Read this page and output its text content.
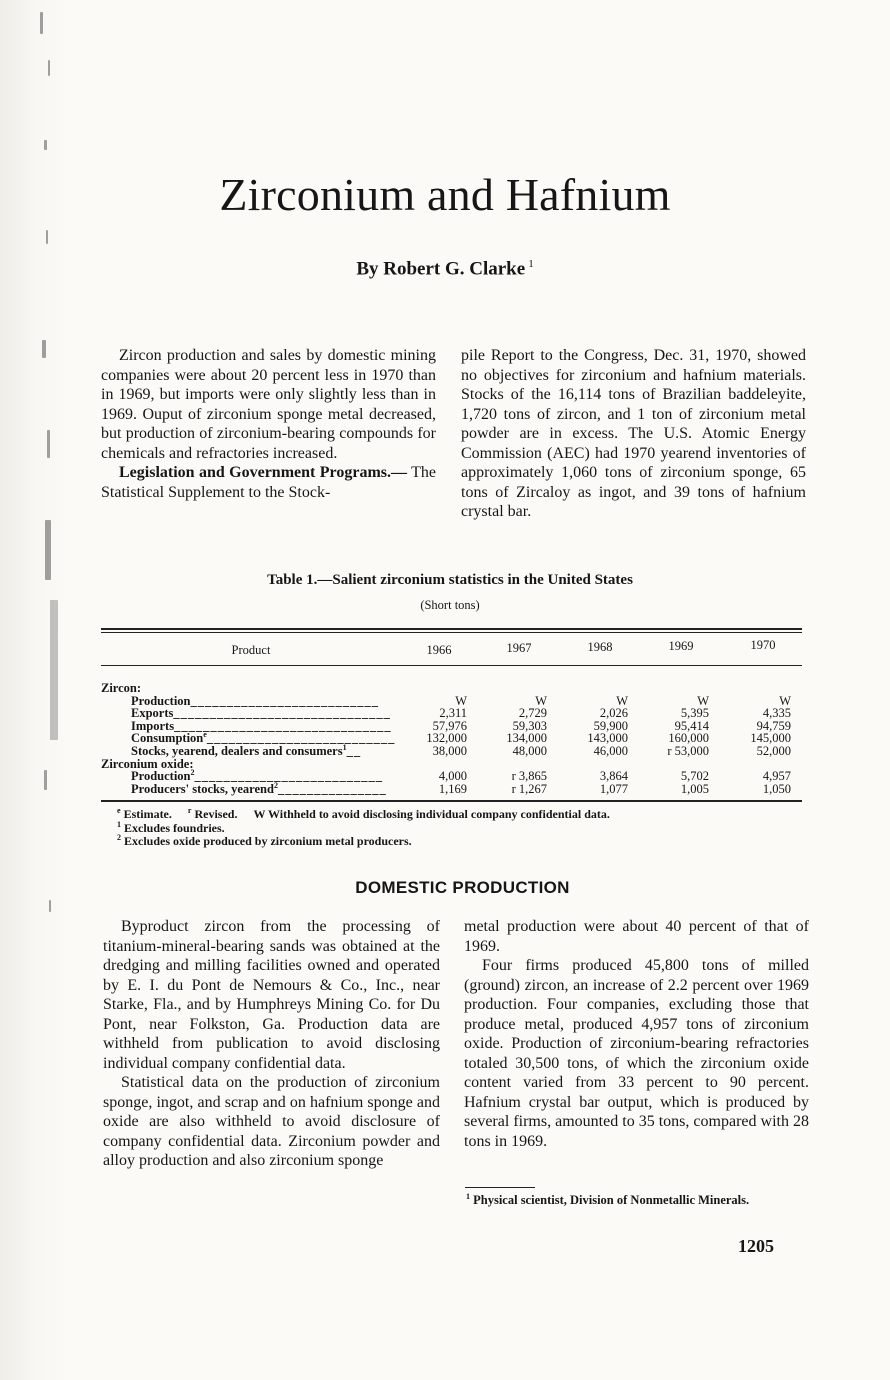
Zirconium and Hafnium
By Robert G. Clarke $^1$

Zircon production and sales by domestic mining companies were about 20 percent less in 1970 than in 1969, but imports were only slightly less than in 1969. Ouput of zirconium sponge metal decreased, but production of zirconium-bearing compounds for chemicals and refractories increased.

Legislation and Government Programs.— The Statistical Supplement to the Stock-

pile Report to the Congress, Dec. 31, 1970, showed no objectives for zirconium and hafnium materials. Stocks of the 16,114 tons of Brazilian baddeleyite, 1,720 tons of zircon, and 1 ton of zirconium metal powder are in excess. The U.S. Atomic Energy Commission (AEC) had 1970 yearend inventories of approximately 1,060 tons of zirconium sponge, 65 tons of Zircaloy as ingot, and 39 tons of hafnium crystal bar.

Table 1.—Salient zirconium statistics in the United States
(Short tons)
Product	1966	1967	1968	1969	1970
Zircon:
Production__________________________	W	W	W	W	W
Exports______________________________	2,311	2,729	2,026	5,395	4,335
Imports______________________________	57,976	59,303	59,900	95,414	94,759
Consumption$^e$__________________________	132,000	134,000	143,000	160,000	145,000
Stocks, yearend, dealers and consumers$^1$__	38,000	48,000	46,000	r 53,000	52,000
Zirconium oxide:
Production$^2$__________________________	4,000	r 3,865	3,864	5,702	4,957
Producers' stocks, yearend$^2$_______________	1,169	r 1,267	1,077	1,005	1,050
$^e$ Estimate. $^r$ Revised. W Withheld to avoid disclosing individual company confidential data.
$^1$ Excludes foundries.
$^2$ Excludes oxide produced by zirconium metal producers.
DOMESTIC PRODUCTION

Byproduct zircon from the processing of titanium-mineral-bearing sands was obtained at the dredging and milling facilities owned and operated by E. I. du Pont de Nemours & Co., Inc., near Starke, Fla., and by Humphreys Mining Co. for Du Pont, near Folkston, Ga. Production data are withheld from publication to avoid disclosing individual company confidential data.

Statistical data on the production of zirconium sponge, ingot, and scrap and on hafnium sponge and oxide are also withheld to avoid disclosure of company confidential data. Zirconium powder and alloy production and also zirconium sponge

metal production were about 40 percent of that of 1969.

Four firms produced 45,800 tons of milled (ground) zircon, an increase of 2.2 percent over 1969 production. Four companies, excluding those that produce metal, produced 4,957 tons of zirconium oxide. Production of zirconium-bearing refractories totaled 30,500 tons, of which the zirconium oxide content varied from 33 percent to 90 percent. Hafnium crystal bar output, which is produced by several firms, amounted to 35 tons, compared with 28 tons in 1969.

$^1$ Physical scientist, Division of Nonmetallic Minerals.
1205
